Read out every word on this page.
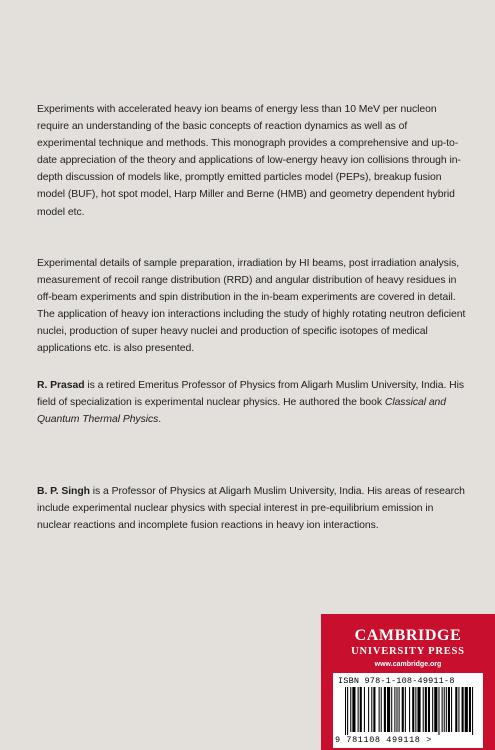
Experiments with accelerated heavy ion beams of energy less than 10 MeV per nucleon require an understanding of the basic concepts of reaction dynamics as well as of experimental technique and methods. This monograph provides a comprehensive and up-to-date appreciation of the theory and applications of low-energy heavy ion collisions through in-depth discussion of models like, promptly emitted particles model (PEPs), breakup fusion model (BUF), hot spot model, Harp Miller and Berne (HMB) and geometry dependent hybrid model etc.

Experimental details of sample preparation, irradiation by HI beams, post irradiation analysis, measurement of recoil range distribution (RRD) and angular distribution of heavy residues in off-beam experiments and spin distribution in the in-beam experiments are covered in detail. The application of heavy ion interactions including the study of highly rotating neutron deficient nuclei, production of super heavy nuclei and production of specific isotopes of medical applications etc. is also presented.

R. Prasad is a retired Emeritus Professor of Physics from Aligarh Muslim University, India. His field of specialization is experimental nuclear physics. He authored the book Classical and Quantum Thermal Physics.

B. P. Singh is a Professor of Physics at Aligarh Muslim University, India. His areas of research include experimental nuclear physics with special interest in pre-equilibrium emission in nuclear reactions and incomplete fusion reactions in heavy ion interactions.

CAMBRIDGE
UNIVERSITY PRESS
www.cambridge.org
ISBN 978-1-108-49911-8
9 781108 499118 >
